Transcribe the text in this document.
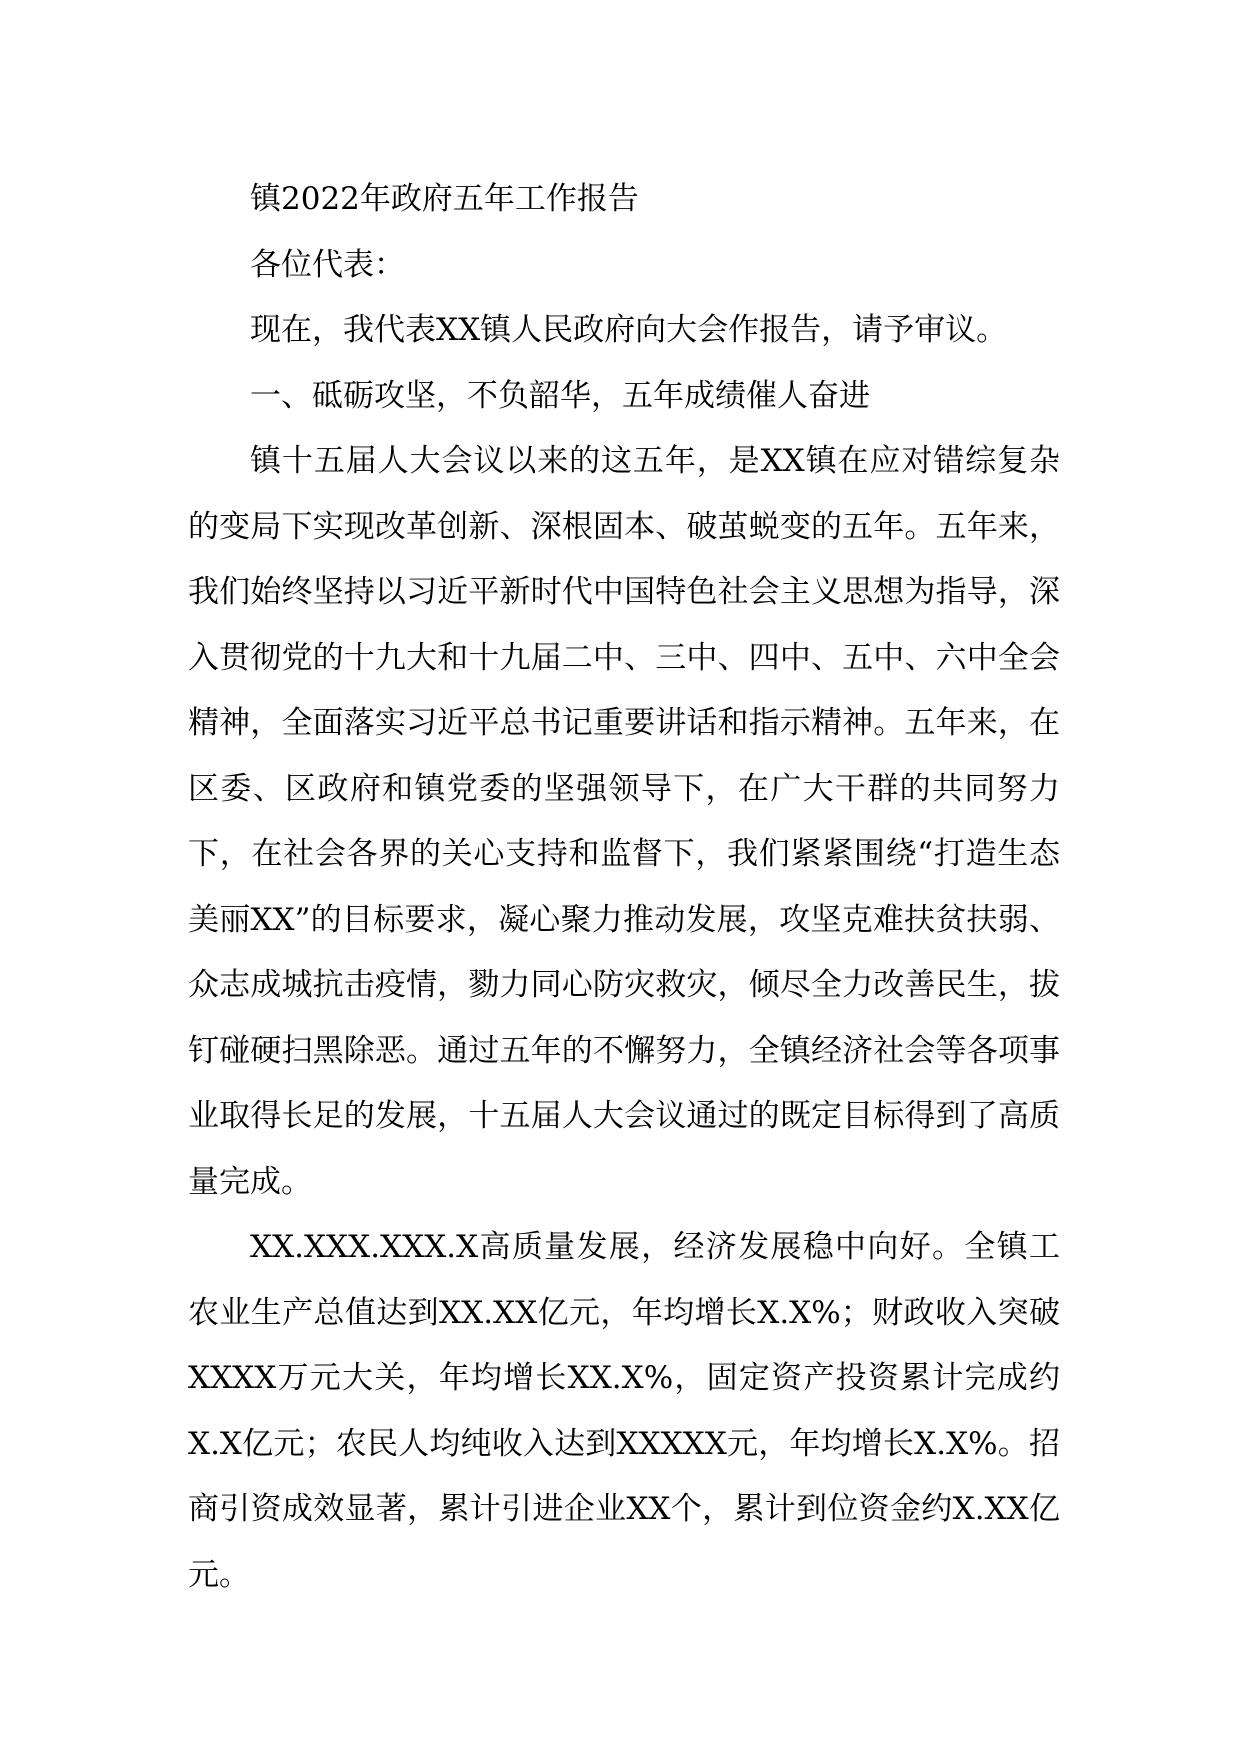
镇2022年政府五年工作报告

各位代表：

现在，我代表XX镇人民政府向大会作报告，请予审议。

一、砥砺攻坚，不负韶华，五年成绩催人奋进

镇十五届人大会议以来的这五年，是XX镇在应对错综复杂的变局下实现改革创新、深根固本、破茧蜕变的五年。五年来，我们始终坚持以习近平新时代中国特色社会主义思想为指导，深入贯彻党的十九大和十九届二中、三中、四中、五中、六中全会精神，全面落实习近平总书记重要讲话和指示精神。五年来，在区委、区政府和镇党委的坚强领导下，在广大干群的共同努力下，在社会各界的关心支持和监督下，我们紧紧围绕“打造生态美丽XX”的目标要求，凝心聚力推动发展，攻坚克难扶贫扶弱、众志成城抗击疫情，勠力同心防灾救灾，倾尽全力改善民生，拔钉碰硬扫黑除恶。通过五年的不懈努力，全镇经济社会等各项事业取得长足的发展，十五届人大会议通过的既定目标得到了高质量完成。

XX.XXX.XXX.X高质量发展，经济发展稳中向好。全镇工农业生产总值达到XX.XX亿元，年均增长X.X%；财政收入突破XXXX万元大关，年均增长XX.X%，固定资产投资累计完成约X.X亿元；农民人均纯收入达到XXXXX元，年均增长X.X%。招商引资成效显著，累计引进企业XX个，累计到位资金约X.XX亿元。
